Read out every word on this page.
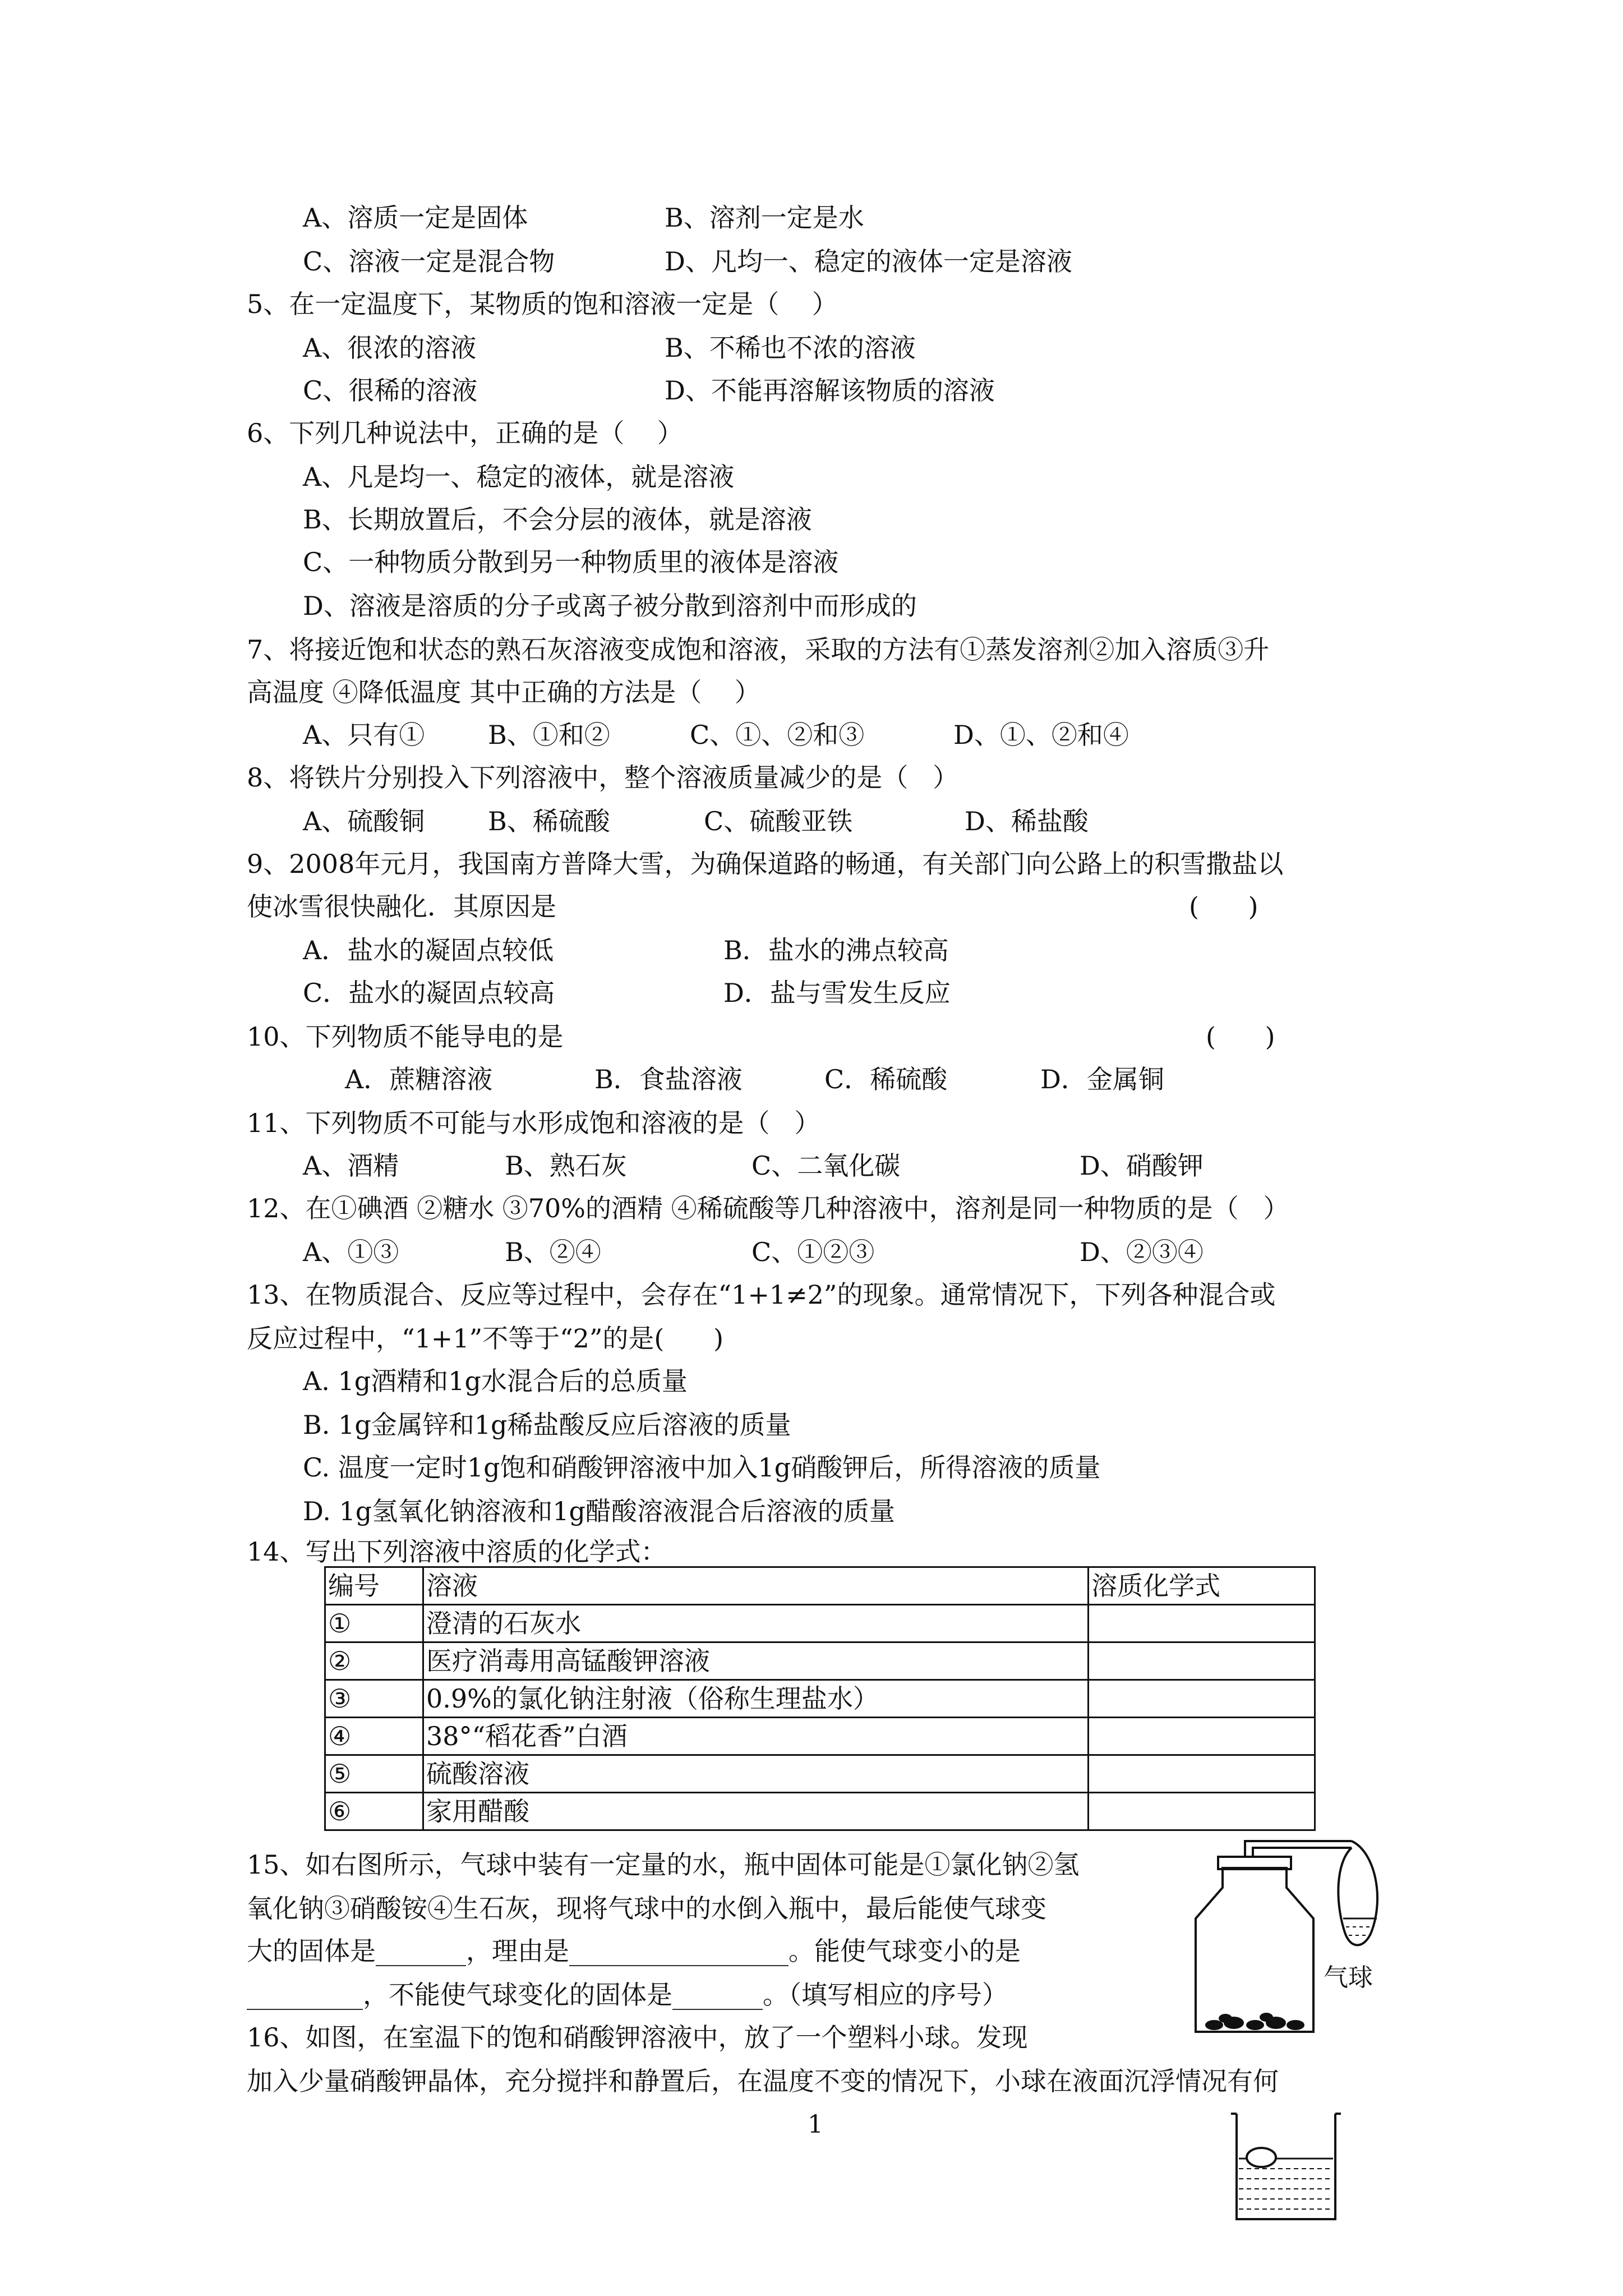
A、溶质一定是固体	B、溶剂一定是水
C、溶液一定是混合物	D、凡均一、稳定的液体一定是溶液
5、在一定温度下，某物质的饱和溶液一定是（    ）
A、很浓的溶液	B、不稀也不浓的溶液
C、很稀的溶液	D、不能再溶解该物质的溶液
6、下列几种说法中，正确的是（    ）
A、凡是均一、稳定的液体，就是溶液
B、长期放置后，不会分层的液体，就是溶液
C、一种物质分散到另一种物质里的液体是溶液
D、溶液是溶质的分子或离子被分散到溶剂中而形成的
7、将接近饱和状态的熟石灰溶液变成饱和溶液，采取的方法有①蒸发溶剂②加入溶质③升
高温度 ④降低温度 其中正确的方法是（    ）
A、只有① B、①和②	C、①、②和③	D、①、②和④
8、将铁片分别投入下列溶液中，整个溶液质量减少的是（   ）
A、硫酸铜 B、稀硫酸	C、硫酸亚铁	D、稀盐酸
9、2008年元月，我国南方普降大雪，为确保道路的畅通，有关部门向公路上的积雪撒盐以
使冰雪很快融化．其原因是	(      )
A．盐水的凝固点较低	B．盐水的沸点较高
C．盐水的凝固点较高	D．盐与雪发生反应
10、下列物质不能导电的是	(      )
A．蔗糖溶液	B．食盐溶液	C．稀硫酸	D．金属铜
11、下列物质不可能与水形成饱和溶液的是（   ）
A、酒精	B、熟石灰	C、二氧化碳	D、硝酸钾
12、在①碘酒 ②糖水 ③70%的酒精 ④稀硫酸等几种溶液中，溶剂是同一种物质的是（   ）
A、①③	B、②④	C、①②③	D、②③④
13、在物质混合、反应等过程中，会存在“1+1≠2”的现象。通常情况下，下列各种混合或
反应过程中，“1+1”不等于“2”的是(      )
A. 1g酒精和1g水混合后的总质量
B. 1g金属锌和1g稀盐酸反应后溶液的质量
C. 温度一定时1g饱和硝酸钾溶液中加入1g硝酸钾后，所得溶液的质量
D. 1g氢氧化钠溶液和1g醋酸溶液混合后溶液的质量
14、写出下列溶液中溶质的化学式：
编号	溶液	溶质化学式
①	澄清的石灰水	
②	医疗消毒用高锰酸钾溶液	
③	0.9%的氯化钠注射液（俗称生理盐水）	
④	38°“稻花香”白酒	
⑤	硫酸溶液	
⑥	家用醋酸	
15、如右图所示，气球中装有一定量的水，瓶中固体可能是①氯化钠②氢
氧化钠③硝酸铵④生石灰，现将气球中的水倒入瓶中，最后能使气球变
大的固体是_______，理由是_________________。能使气球变小的是
_________，不能使气球变化的固体是_______。（填写相应的序号）
气球
16、如图，在室温下的饱和硝酸钾溶液中，放了一个塑料小球。发现
加入少量硝酸钾晶体，充分搅拌和静置后，在温度不变的情况下，小球在液面沉浮情况有何
1
